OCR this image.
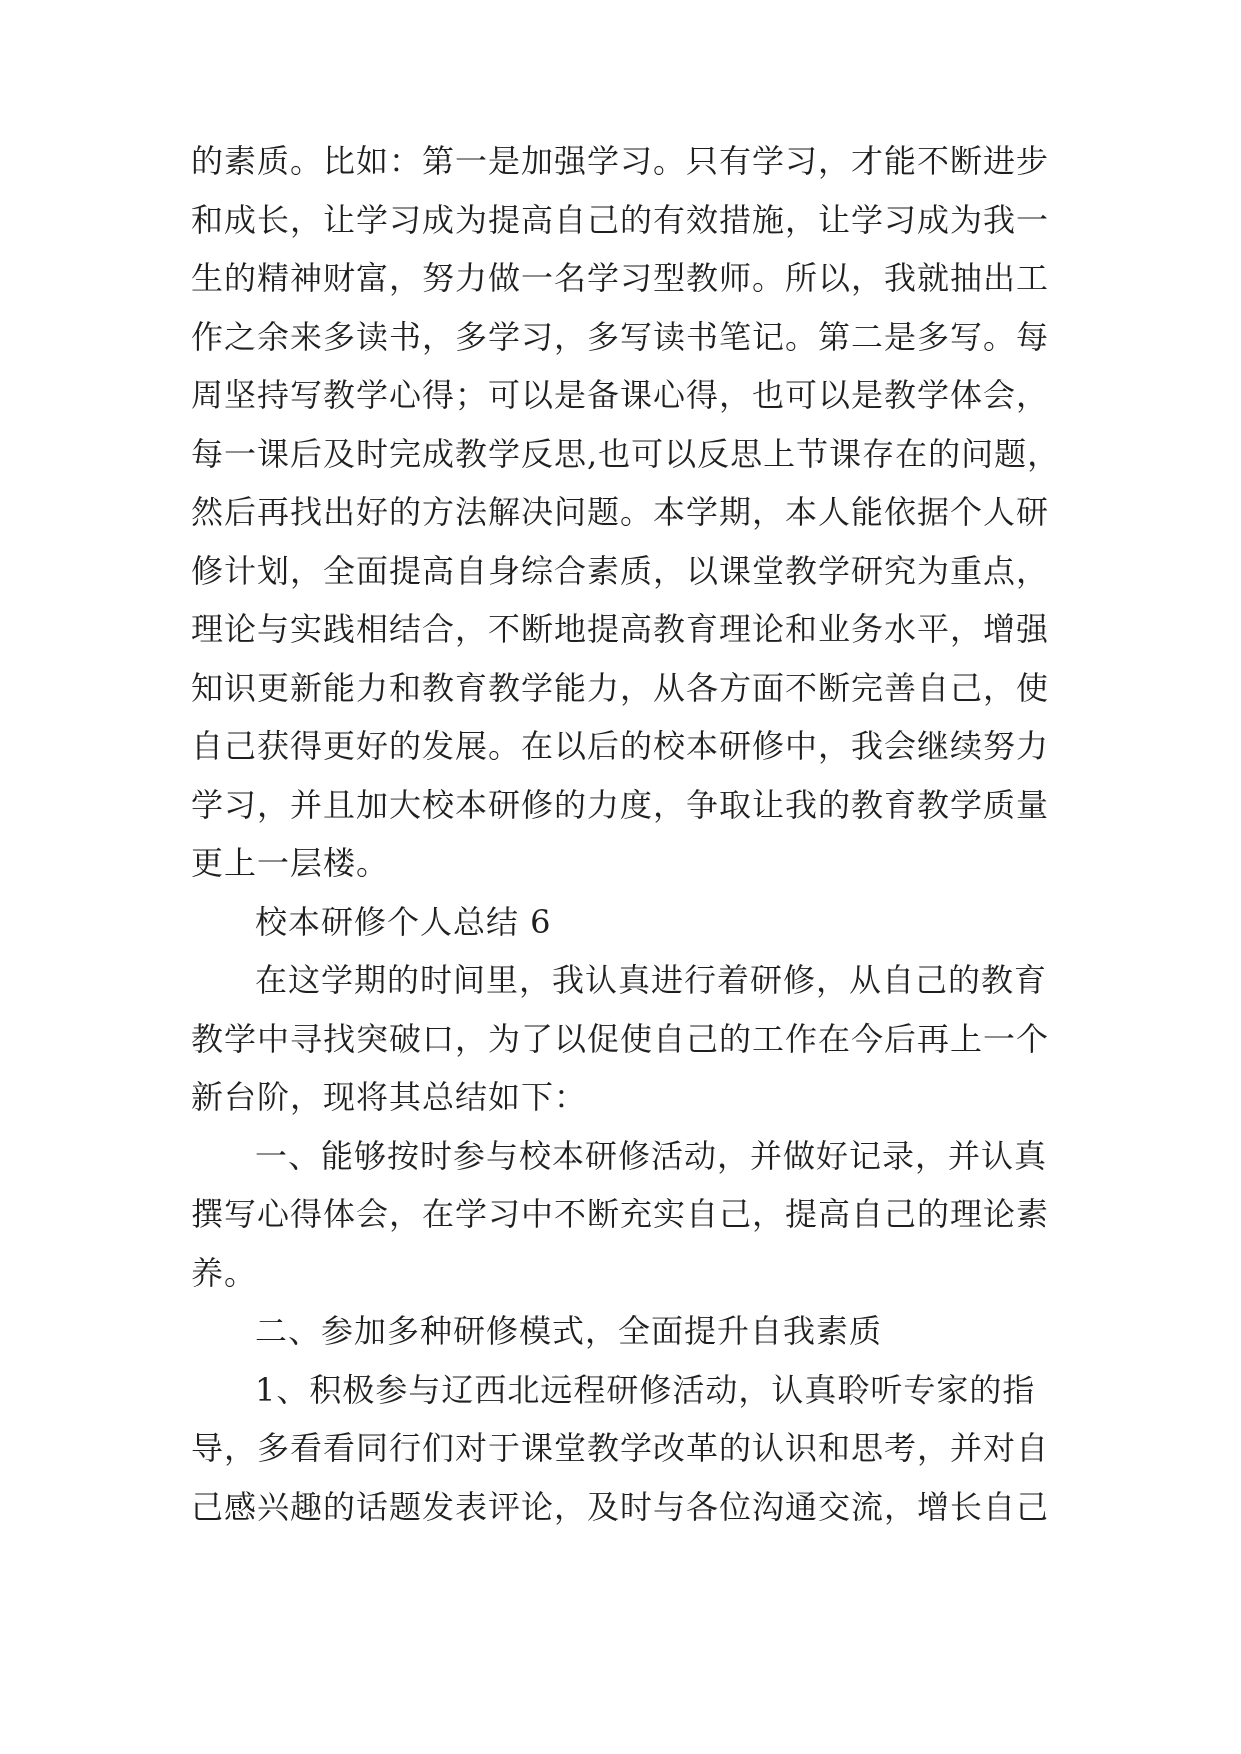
的素质。比如：第一是加强学习。只有学习，才能不断进步
和成长，让学习成为提高自己的有效措施，让学习成为我一
生的精神财富，努力做一名学习型教师。所以，我就抽出工
作之余来多读书，多学习，多写读书笔记。第二是多写。每
周坚持写教学心得；可以是备课心得，也可以是教学体会，
每一课后及时完成教学反思,也可以反思上节课存在的问题，
然后再找出好的方法解决问题。本学期，本人能依据个人研
修计划，全面提高自身综合素质，以课堂教学研究为重点，
理论与实践相结合，不断地提高教育理论和业务水平，增强
知识更新能力和教育教学能力，从各方面不断完善自己，使
自己获得更好的发展。在以后的校本研修中，我会继续努力
学习，并且加大校本研修的力度，争取让我的教育教学质量
更上一层楼。
校本研修个人总结 6
在这学期的时间里，我认真进行着研修，从自己的教育
教学中寻找突破口，为了以促使自己的工作在今后再上一个
新台阶，现将其总结如下：
一、能够按时参与校本研修活动，并做好记录，并认真
撰写心得体会，在学习中不断充实自己，提高自己的理论素
养。
二、参加多种研修模式，全面提升自我素质
1、积极参与辽西北远程研修活动，认真聆听专家的指
导，多看看同行们对于课堂教学改革的认识和思考，并对自
己感兴趣的话题发表评论，及时与各位沟通交流，增长自己
